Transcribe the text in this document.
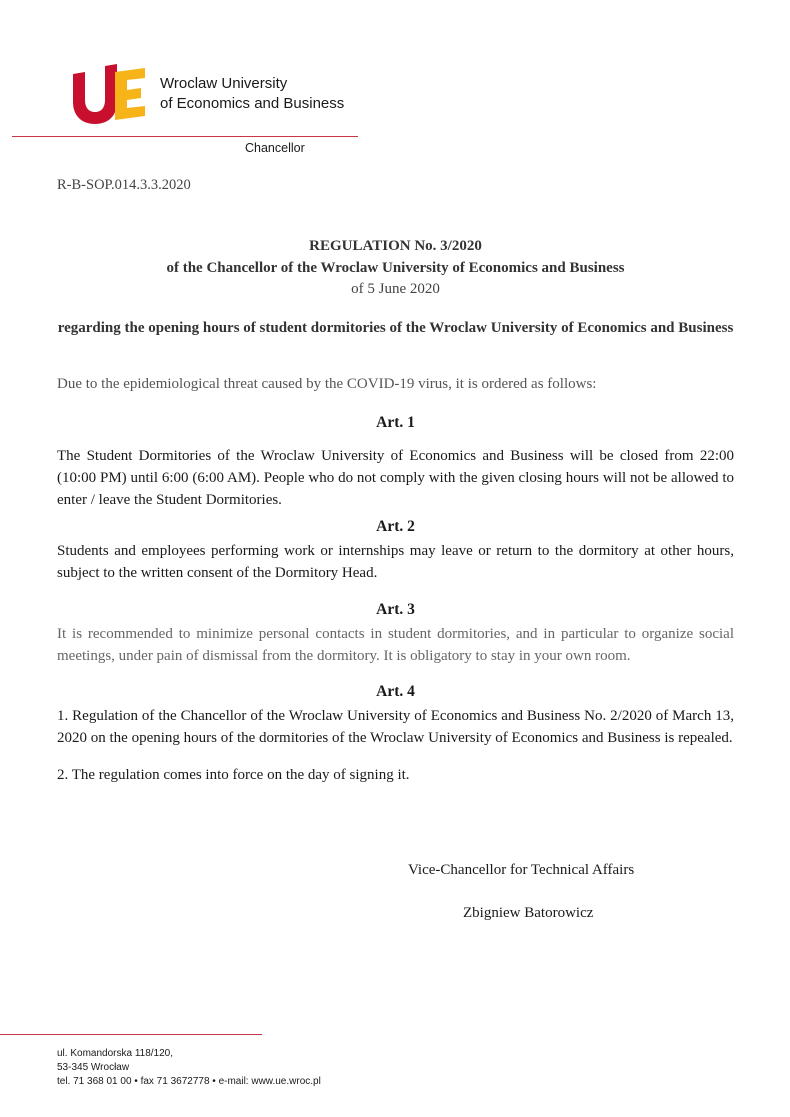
Wroclaw University
of Economics and Business
Chancellor
R-B-SOP.014.3.3.2020
REGULATION No. 3/2020
of the Chancellor of the Wroclaw University of Economics and Business
of 5 June 2020
regarding the opening hours of student dormitories of the Wroclaw University of Economics and Business
Due to the epidemiological threat caused by the COVID-19 virus, it is ordered as follows:
Art. 1
The Student Dormitories of the Wroclaw University of Economics and Business will be closed from 22:00 (10:00 PM) until 6:00 (6:00 AM). People who do not comply with the given closing hours will not be allowed to enter / leave the Student Dormitories.
Art. 2
Students and employees performing work or internships may leave or return to the dormitory at other hours, subject to the written consent of the Dormitory Head.
Art. 3
It is recommended to minimize personal contacts in student dormitories, and in particular to organize social meetings, under pain of dismissal from the dormitory. It is obligatory to stay in your own room.
Art. 4
1. Regulation of the Chancellor of the Wroclaw University of Economics and Business No. 2/2020 of March 13, 2020 on the opening hours of the dormitories of the Wroclaw University of Economics and Business is repealed.
2. The regulation comes into force on the day of signing it.
Vice-Chancellor for Technical Affairs
Zbigniew Batorowicz
ul. Komandorska 118/120,
53-345 Wrocław
tel. 71 368 01 00 • fax 71 3672778 • e-mail: www.ue.wroc.pl
